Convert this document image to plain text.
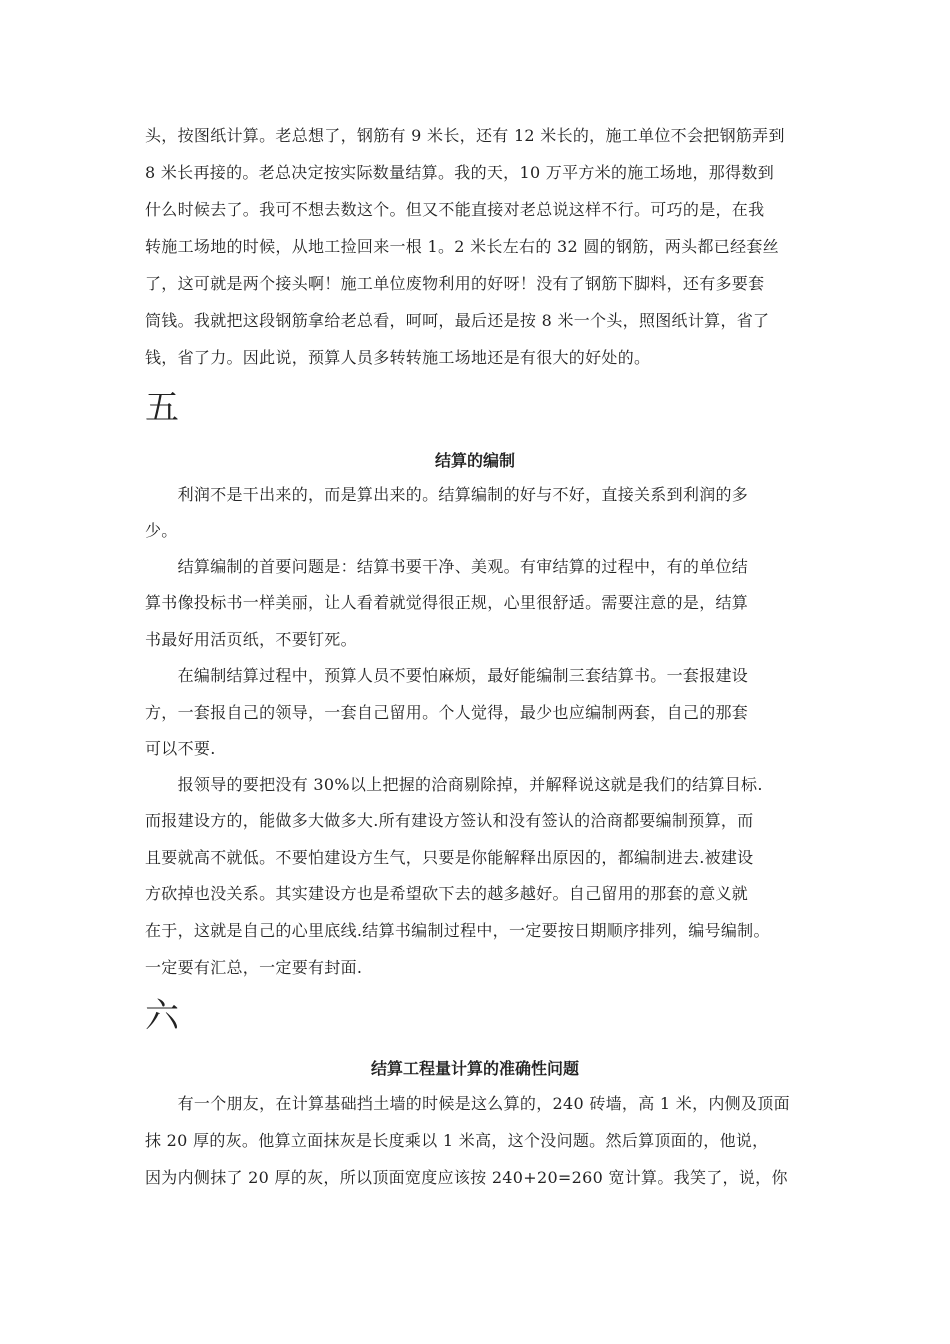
头，按图纸计算。老总想了，钢筋有 9 米长，还有 12 米长的，施工单位不会把钢筋弄到
8 米长再接的。老总决定按实际数量结算。我的天，10 万平方米的施工场地，那得数到
什么时候去了。我可不想去数这个。但又不能直接对老总说这样不行。可巧的是，在我
转施工场地的时候，从地工捡回来一根 1。2 米长左右的 32 圆的钢筋，两头都已经套丝
了，这可就是两个接头啊！施工单位废物利用的好呀！没有了钢筋下脚料，还有多要套
筒钱。我就把这段钢筋拿给老总看，呵呵，最后还是按 8 米一个头，照图纸计算，省了
钱，省了力。因此说，预算人员多转转施工场地还是有很大的好处的。
五
结算的编制
　　利润不是干出来的，而是算出来的。结算编制的好与不好，直接关系到利润的多
少。
　　结算编制的首要问题是：结算书要干净、美观。有审结算的过程中，有的单位结
算书像投标书一样美丽，让人看着就觉得很正规，心里很舒适。需要注意的是，结算
书最好用活页纸，不要钉死。
　　在编制结算过程中，预算人员不要怕麻烦，最好能编制三套结算书。一套报建设
方，一套报自己的领导，一套自己留用。个人觉得，最少也应编制两套，自己的那套
可以不要.
　　报领导的要把没有 30%以上把握的洽商剔除掉，并解释说这就是我们的结算目标.
而报建设方的，能做多大做多大.所有建设方签认和没有签认的洽商都要编制预算，而
且要就高不就低。不要怕建设方生气，只要是你能解释出原因的，都编制进去.被建设
方砍掉也没关系。其实建设方也是希望砍下去的越多越好。自己留用的那套的意义就
在于，这就是自己的心里底线.结算书编制过程中，一定要按日期顺序排列，编号编制。
一定要有汇总，一定要有封面.
六
结算工程量计算的准确性问题
　　有一个朋友，在计算基础挡土墙的时候是这么算的，240 砖墙，高 1 米，内侧及顶面
抹 20 厚的灰。他算立面抹灰是长度乘以 1 米高，这个没问题。然后算顶面的，他说，
因为内侧抹了 20 厚的灰，所以顶面宽度应该按 240+20=260 宽计算。我笑了，说，你
